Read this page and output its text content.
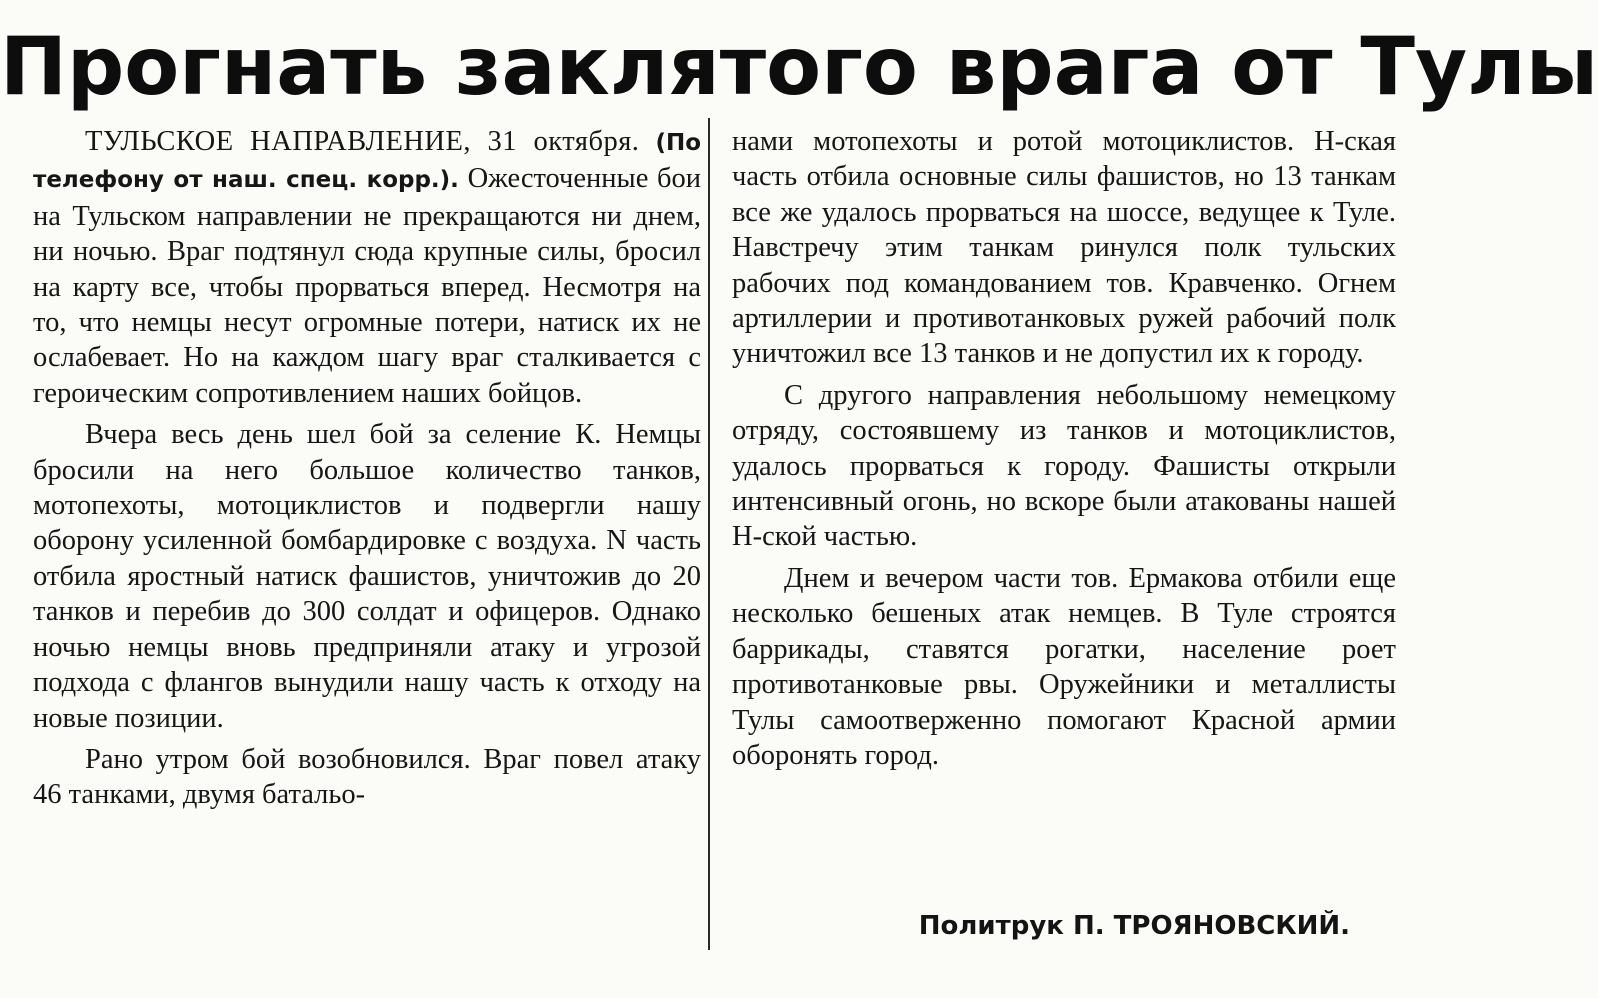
Прогнать заклятого врага от Тулы

ТУЛЬСКОЕ НАПРАВЛЕНИЕ, 31 октября. (По телефону от наш. спец. корр.). Ожесточенные бои на Тульском направлении не прекращаются ни днем, ни ночью. Враг подтянул сюда крупные силы, бросил на карту все, чтобы прорваться вперед. Несмотря на то, что немцы несут огромные потери, натиск их не ослабевает. Но на каждом шагу враг сталкивается с героическим сопротивлением наших бойцов.

Вчера весь день шел бой за селение К. Немцы бросили на него большое количество танков, мотопехоты, мотоциклистов и подвергли нашу оборону усиленной бомбардировке с воздуха. N часть отбила яростный натиск фашистов, уничтожив до 20 танков и перебив до 300 солдат и офицеров. Однако ночью немцы вновь предприняли атаку и угрозой подхода с флангов вынудили нашу часть к отходу на новые позиции.

Рано утром бой возобновился. Враг повел атаку 46 танками, двумя батальо-

нами мотопехоты и ротой мотоциклистов. Н-ская часть отбила основные силы фашистов, но 13 танкам все же удалось прорваться на шоссе, ведущее к Туле. Навстречу этим танкам ринулся полк тульских рабочих под командованием тов. Кравченко. Огнем артиллерии и противотанковых ружей рабочий полк уничтожил все 13 танков и не допустил их к городу.

С другого направления небольшому немецкому отряду, состоявшему из танков и мотоциклистов, удалось прорваться к городу. Фашисты открыли интенсивный огонь, но вскоре были атакованы нашей Н-ской частью.

Днем и вечером части тов. Ермакова отбили еще несколько бешеных атак немцев. В Туле строятся баррикады, ставятся рогатки, население роет противотанковые рвы. Оружейники и металлисты Тулы самоотверженно помогают Красной армии оборонять город.

Политрук П. ТРОЯНОВСКИЙ.
